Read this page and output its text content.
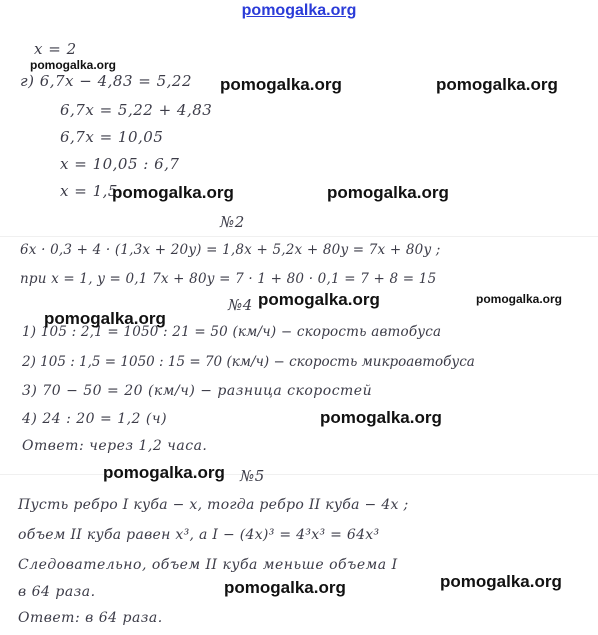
x = 2
г) 6,7x − 4,83 = 5,22
6,7x = 5,22 + 4,83
6,7x = 10,05
x = 10,05 : 6,7
x = 1,5
№2
6x · 0,3 + 4 · (1,3x + 20y) = 1,8x + 5,2x + 80y = 7x + 80y ;
при x = 1, y = 0,1 7x + 80y = 7 · 1 + 80 · 0,1 = 7 + 8 = 15
№4
1) 105 : 2,1 = 1050 : 21 = 50 (км/ч) − скорость автобуса
2) 105 : 1,5 = 1050 : 15 = 70 (км/ч) − скорость микроавтобуса
3) 70 − 50 = 20 (км/ч) − разница скоростей
4) 24 : 20 = 1,2 (ч)
Ответ: через 1,2 часа.
№5
Пусть ребро I куба − x, тогда ребро II куба − 4x ;
объем II куба равен x³, а I − (4x)³ = 4³x³ = 64x³
Следовательно, объем II куба меньше объема I
в 64 раза.
Ответ: в 64 раза.
pomogalka.org
pomogalka.org
pomogalka.org	pomogalka.org
pomogalka.org	pomogalka.org
pomogalka.org	pomogalka.org
pomogalka.org
pomogalka.org
pomogalka.org
pomogalka.org
pomogalka.org
